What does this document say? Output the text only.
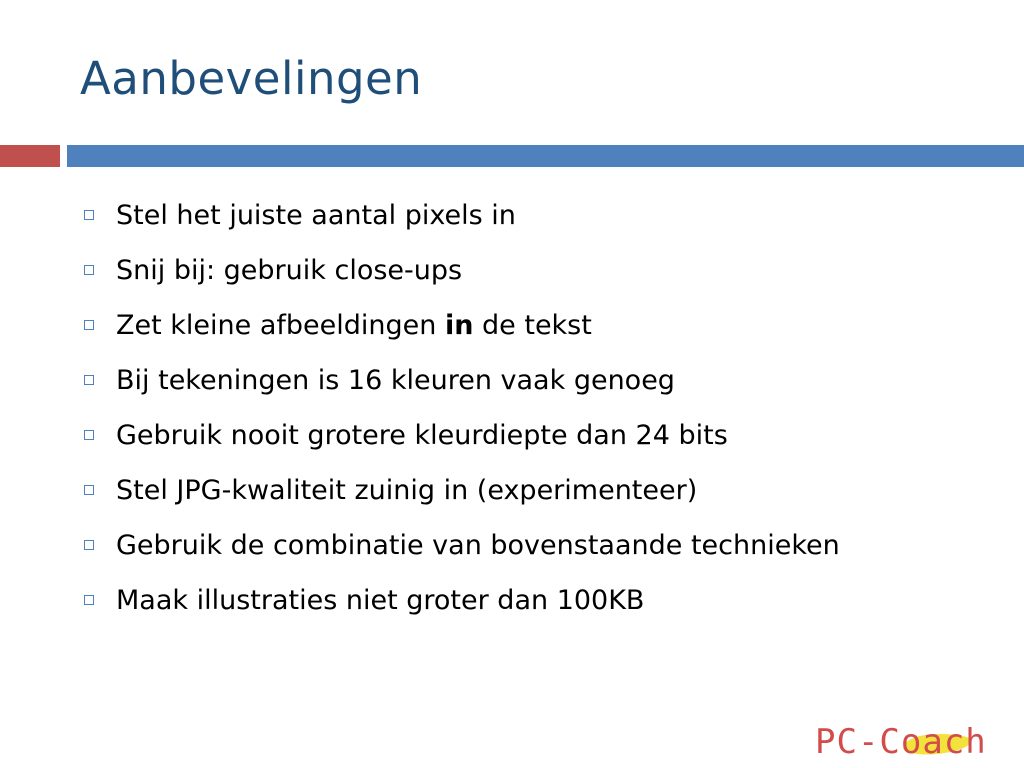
Aanbevelingen
Stel het juiste aantal pixels in
Snij bij: gebruik close-ups
Zet kleine afbeeldingen in de tekst
Bij tekeningen is 16 kleuren vaak genoeg
Gebruik nooit grotere kleurdiepte dan 24 bits
Stel JPG-kwaliteit zuinig in (experimenteer)
Gebruik de combinatie van bovenstaande technieken
Maak illustraties niet groter dan 100KB
PC-Coach
